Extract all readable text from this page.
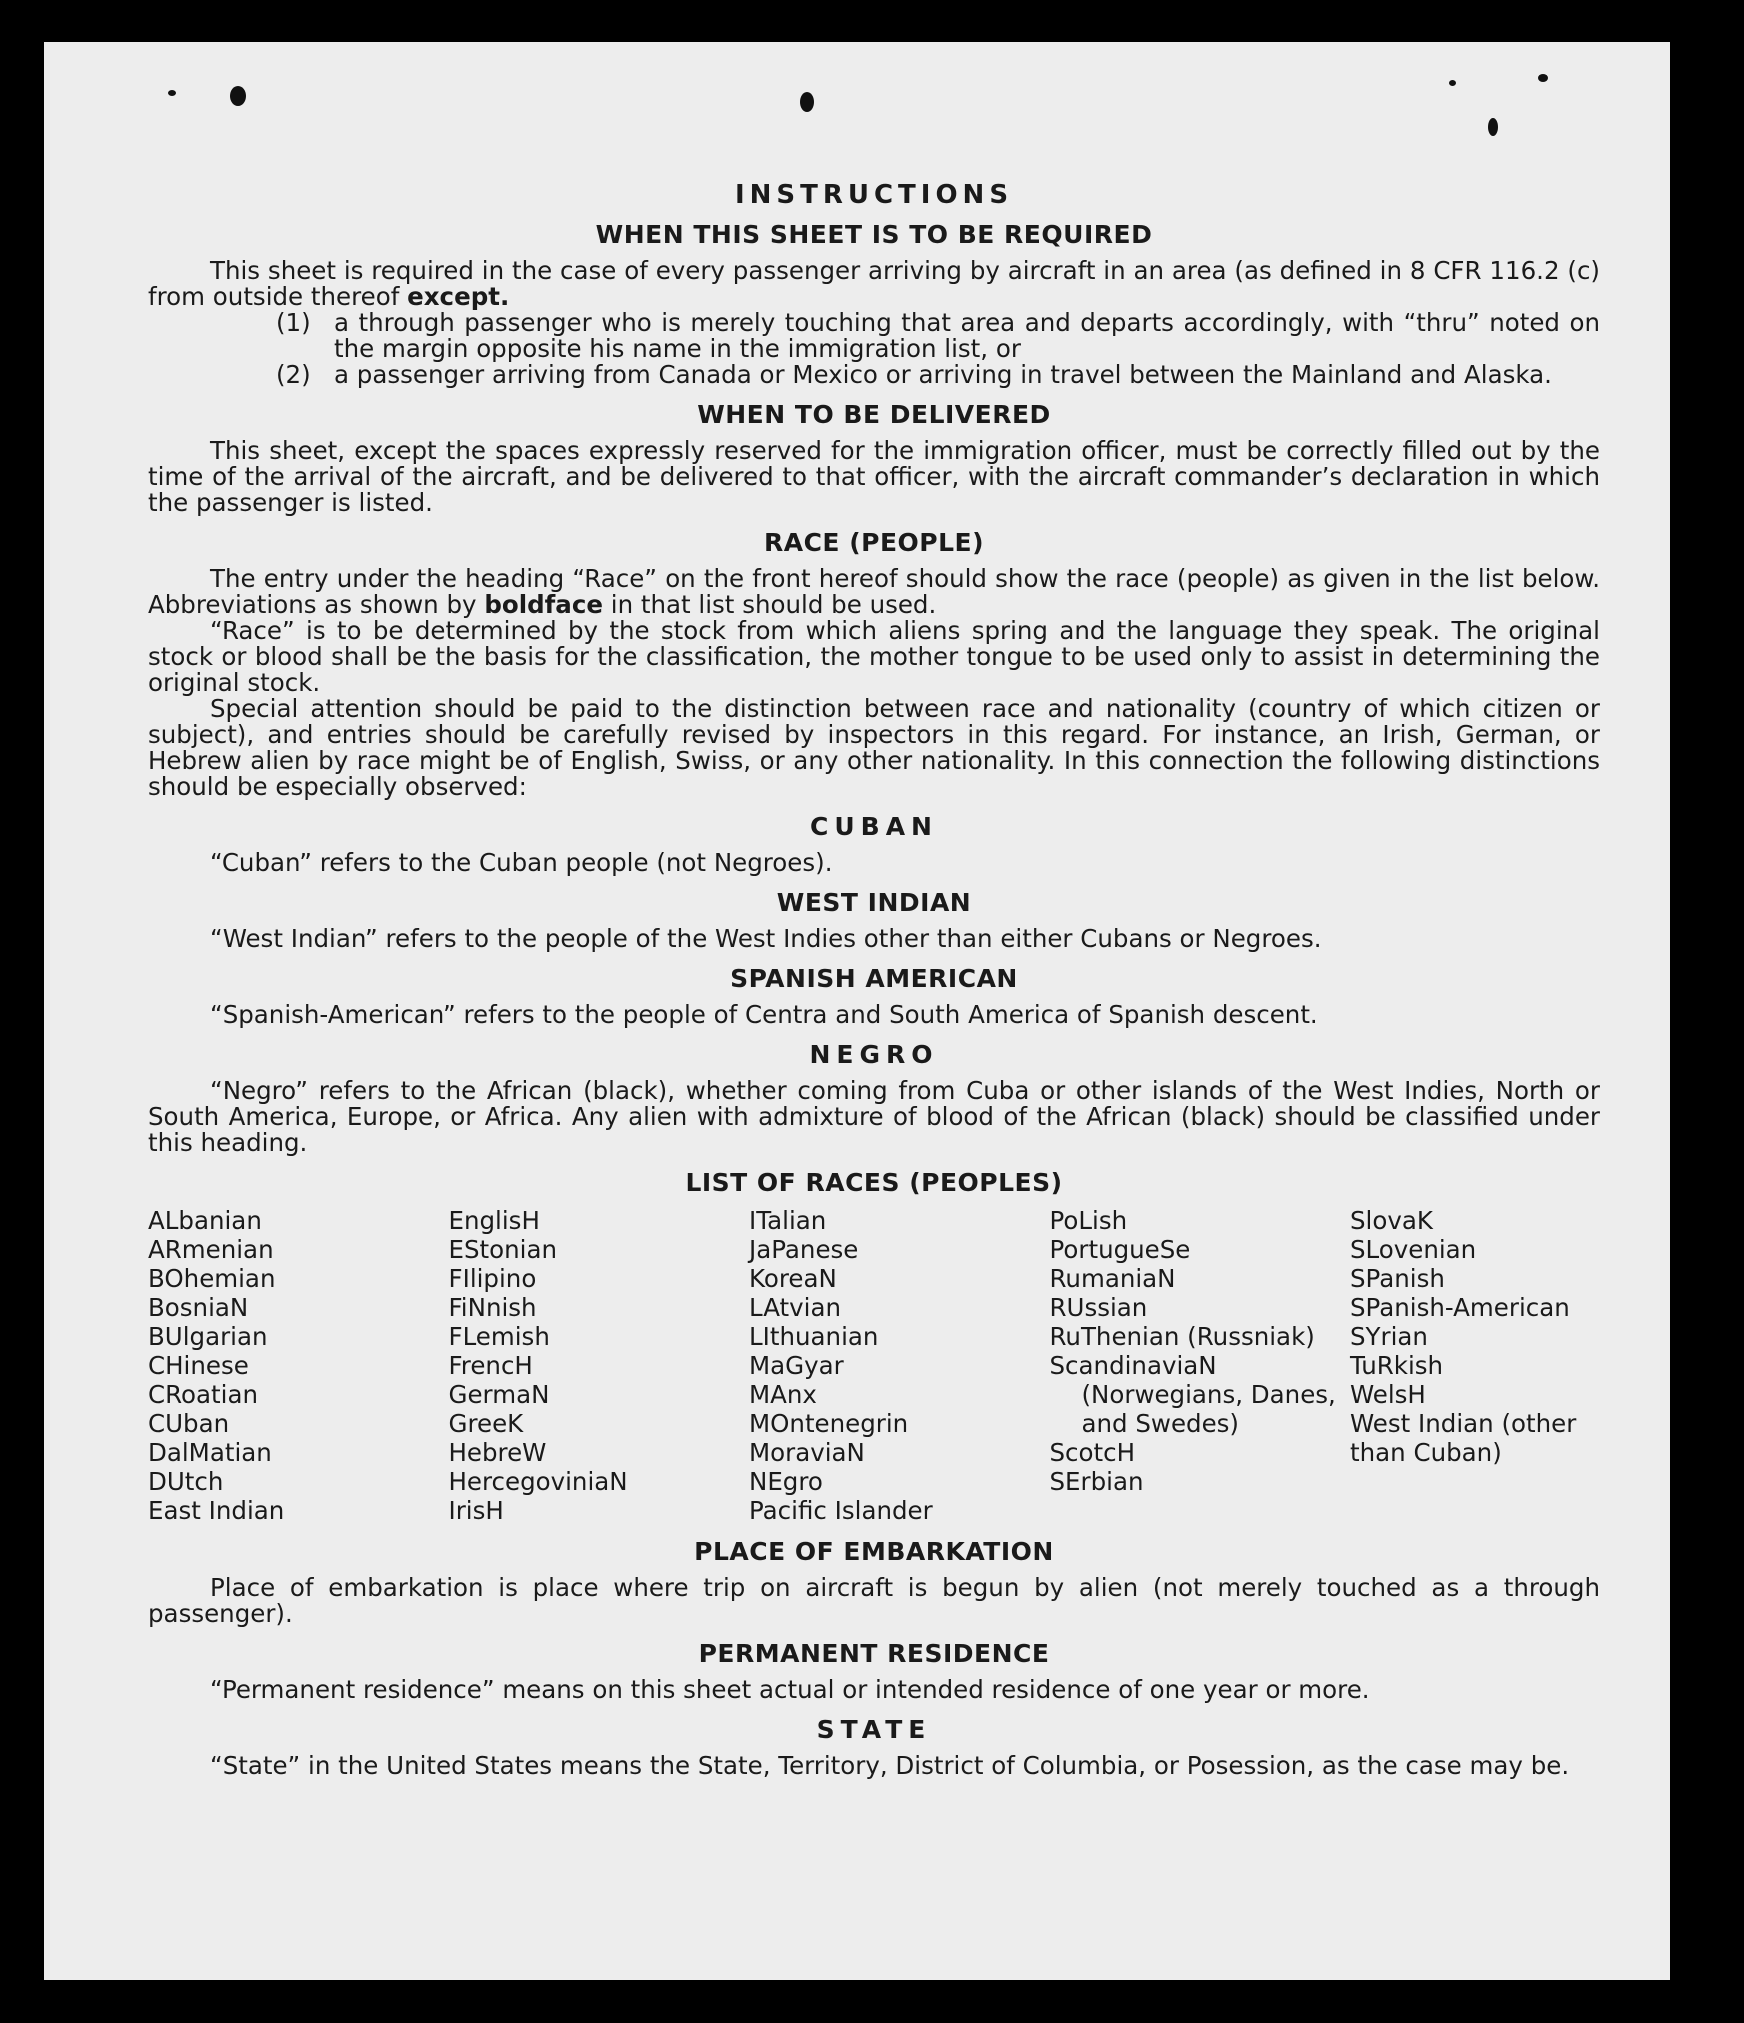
INSTRUCTIONS
WHEN THIS SHEET IS TO BE REQUIRED

This sheet is required in the case of every passenger arriving by aircraft in an area (as defined in 8 CFR 116.2 (c) from outside thereof except.

(1) a through passenger who is merely touching that area and departs accordingly, with “thru” noted on the margin opposite his name in the immigration list, or
(2) a passenger arriving from Canada or Mexico or arriving in travel between the Mainland and Alaska.
WHEN TO BE DELIVERED

This sheet, except the spaces expressly reserved for the immigration officer, must be correctly filled out by the time of the arrival of the aircraft, and be delivered to that officer, with the aircraft commander’s declaration in which the passenger is listed.

RACE (PEOPLE)

The entry under the heading “Race” on the front hereof should show the race (people) as given in the list below. Abbreviations as shown by boldface in that list should be used.

“Race” is to be determined by the stock from which aliens spring and the language they speak. The original stock or blood shall be the basis for the classification, the mother tongue to be used only to assist in determining the original stock.

Special attention should be paid to the distinction between race and nationality (country of which citizen or subject), and entries should be carefully revised by inspectors in this regard. For instance, an Irish, German, or Hebrew alien by race might be of English, Swiss, or any other nationality. In this connection the following distinctions should be especially observed:

CUBAN

“Cuban” refers to the Cuban people (not Negroes).

WEST INDIAN

“West Indian” refers to the people of the West Indies other than either Cubans or Negroes.

SPANISH AMERICAN

“Spanish-American” refers to the people of Centra and South America of Spanish descent.

NEGRO

“Negro” refers to the African (black), whether coming from Cuba or other islands of the West Indies, North or South America, Europe, or Africa. Any alien with admixture of blood of the African (black) should be classified under this heading.

LIST OF RACES (PEOPLES)
ALbanian
ARmenian
BOhemian
BosniaN
BUlgarian
CHinese
CRoatian
CUban
DalMatian
DUtch
East Indian
EnglisH
EStonian
FIlipino
FiNnish
FLemish
FrencH
GermaN
GreeK
HebreW
HercegoviniaN
IrisH
ITalian
JaPanese
KoreaN
LAtvian
LIthuanian
MaGyar
MAnx
MOntenegrin
MoraviaN
NEgro
Pacific Islander
PoLish
PortugueSe
RumaniaN
RUssian
RuThenian (Russniak)
ScandinaviaN
(Norwegians, Danes, and Swedes)
ScotcH
SErbian
SlovaK
SLovenian
SPanish
SPanish-American
SYrian
TuRkish
WelsH
West Indian (other than Cuban)
PLACE OF EMBARKATION

Place of embarkation is place where trip on aircraft is begun by alien (not merely touched as a through passenger).

PERMANENT RESIDENCE

“Permanent residence” means on this sheet actual or intended residence of one year or more.

STATE

“State” in the United States means the State, Territory, District of Columbia, or Posession, as the case may be.
